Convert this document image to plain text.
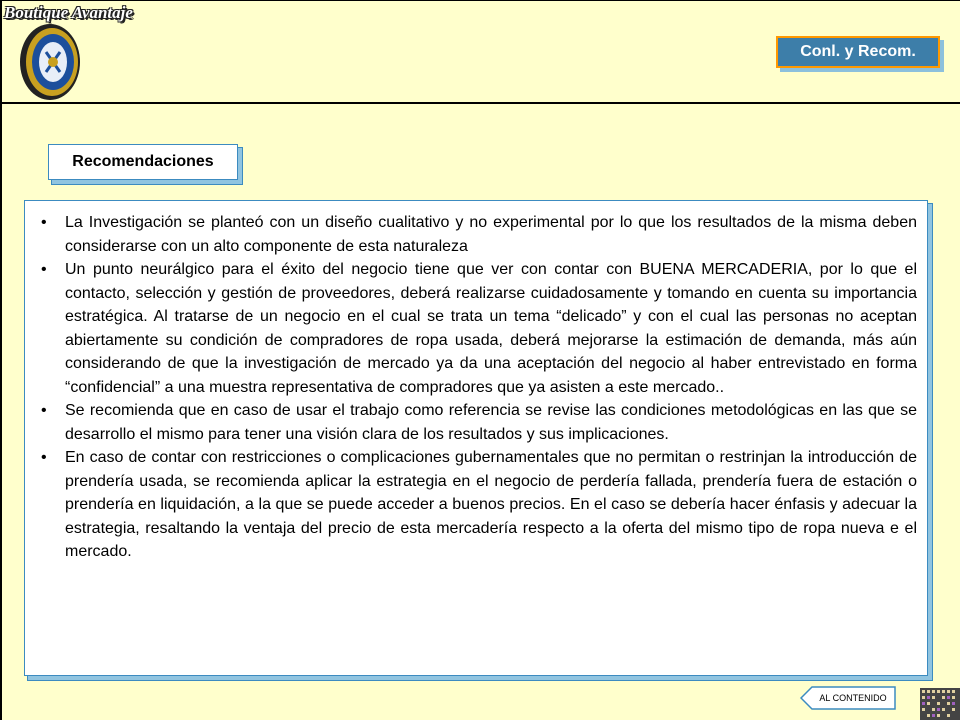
Boutique Avantaje
Conl. y Recom.
Recomendaciones
• La Investigación se planteó con un diseño cualitativo y no experimental por lo que los resultados de la misma deben considerarse con un alto componente de esta naturaleza
• Un punto neurálgico para el éxito del negocio tiene que ver con contar con BUENA MERCADERIA, por lo que el contacto, selección y gestión de proveedores, deberá realizarse cuidadosamente y tomando en cuenta su importancia estratégica. Al tratarse de un negocio en el cual se trata un tema “delicado” y con el cual las personas no aceptan abiertamente su condición de compradores de ropa usada, deberá mejorarse la estimación de demanda, más aún considerando de que la investigación de mercado ya da una aceptación del negocio al haber entrevistado en forma “confidencial” a una muestra representativa de compradores que ya asisten a este mercado..
• Se recomienda que en caso de usar el trabajo como referencia se revise las condiciones metodológicas en las que se desarrollo el mismo para tener una visión clara de los resultados y sus implicaciones.
• En caso de contar con restricciones o complicaciones gubernamentales que no permitan o restrinjan la introducción de prendería usada, se recomienda aplicar la estrategia en el negocio de perdería fallada, prendería fuera de estación o prendería en liquidación, a la que se puede acceder a buenos precios. En el caso se debería hacer énfasis y adecuar la estrategia, resaltando la ventaja del precio de esta mercadería respecto a la oferta del mismo tipo de ropa nueva e el mercado.
AL CONTENIDO
